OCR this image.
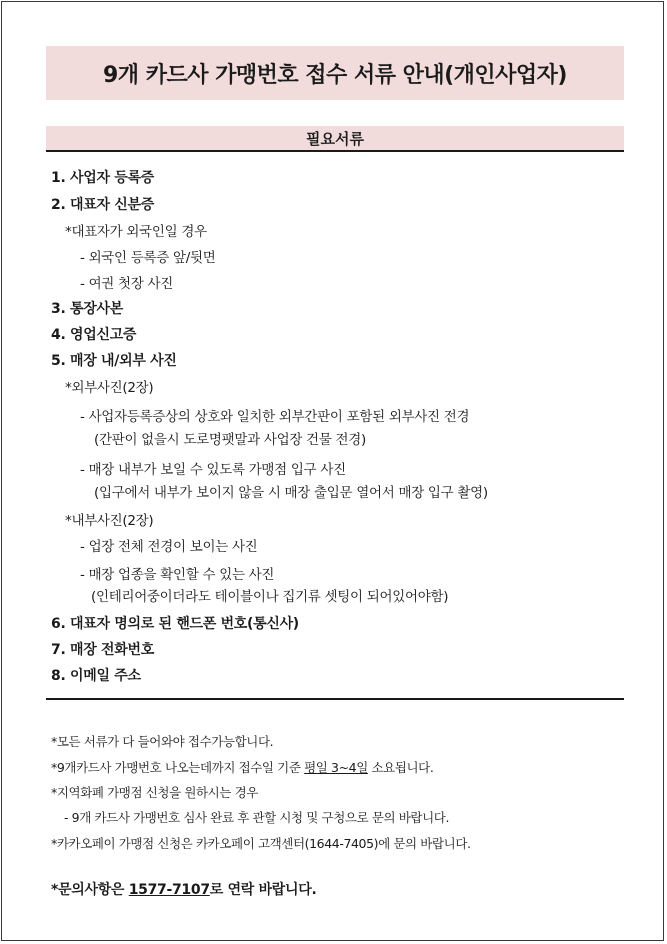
9개 카드사 가맹번호 접수 서류 안내(개인사업자)
필요서류
1. 사업자 등록증
2. 대표자 신분증
*대표자가 외국인일 경우
- 외국인 등록증 앞/뒷면
- 여권 첫장 사진
3. 통장사본
4. 영업신고증
5. 매장 내/외부 사진
*외부사진(2장)
- 사업자등록증상의 상호와 일치한 외부간판이 포함된 외부사진 전경
(간판이 없을시 도로명팻말과 사업장 건물 전경)
- 매장 내부가 보일 수 있도록 가맹점 입구 사진
(입구에서 내부가 보이지 않을 시 매장 출입문 열어서 매장 입구 촬영)
*내부사진(2장)
- 업장 전체 전경이 보이는 사진
- 매장 업종을 확인할 수 있는 사진
(인테리어중이더라도 테이블이나 집기류 셋팅이 되어있어야함)
6. 대표자 명의로 된 핸드폰 번호(통신사)
7. 매장 전화번호
8. 이메일 주소
*모든 서류가 다 들어와야 접수가능합니다.
*9개카드사 가맹번호 나오는데까지 접수일 기준 평일 3~4일 소요됩니다.
*지역화폐 가맹점 신청을 원하시는 경우
- 9개 카드사 가맹번호 심사 완료 후 관할 시청 및 구청으로 문의 바랍니다.
*카카오페이 가맹점 신청은 카카오페이 고객센터(1644-7405)에 문의 바랍니다.
*문의사항은 1577-7107로 연락 바랍니다.
